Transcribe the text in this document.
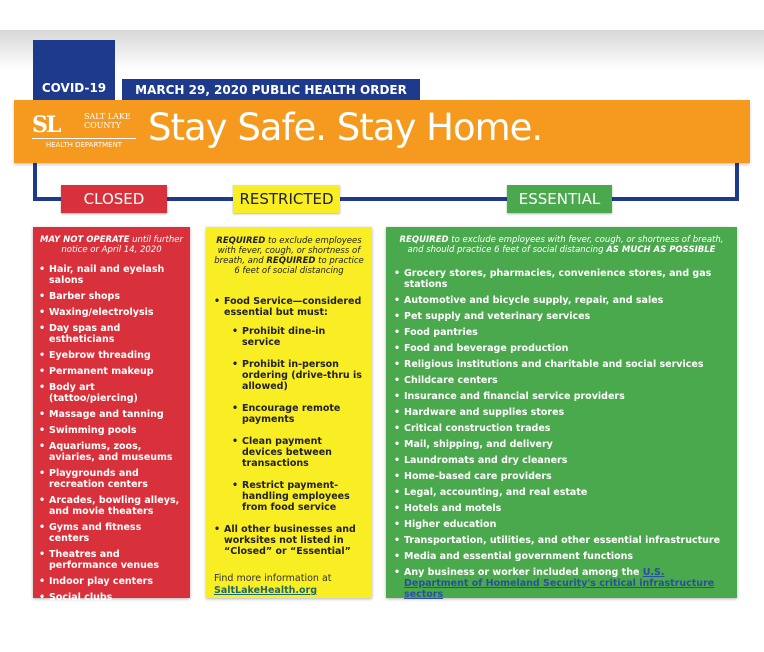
COVID-19	MARCH 29, 2020 PUBLIC HEALTH ORDER
SL	SALT LAKE COUNTY
HEALTH DEPARTMENT Stay Safe. Stay Home.
CLOSED	RESTRICTED	ESSENTIAL

MAY NOT OPERATE until further notice or April 14, 2020

• Hair, nail and eyelash salons
• Barber shops
• Waxing/electrolysis
• Day spas and estheticians
• Eyebrow threading
• Permanent makeup
• Body art (tattoo/piercing)
• Massage and tanning
• Swimming pools
• Aquariums, zoos, aviaries, and museums
• Playgrounds and recreation centers
• Arcades, bowling alleys, and movie theaters
• Gyms and fitness centers
• Theatres and performance venues
• Indoor play centers
• Social clubs

REQUIRED to exclude employees with fever, cough, or shortness of breath, and REQUIRED to practice 6 feet of social distancing

• Food Service—considered essential but must:
• Prohibit dine-in service
• Prohibit in-person ordering (drive-thru is allowed)
• Encourage remote payments
• Clean payment devices between transactions
• Restrict payment-handling employees from food service
• All other businesses and worksites not listed in “Closed” or “Essential”

Find more information at
SaltLakeHealth.org

REQUIRED to exclude employees with fever, cough, or shortness of breath, and should practice 6 feet of social distancing AS MUCH AS POSSIBLE

• Grocery stores, pharmacies, convenience stores, and gas stations
• Automotive and bicycle supply, repair, and sales
• Pet supply and veterinary services
• Food pantries
• Food and beverage production
• Religious institutions and charitable and social services
• Childcare centers
• Insurance and financial service providers
• Hardware and supplies stores
• Critical construction trades
• Mail, shipping, and delivery
• Laundromats and dry cleaners
• Home-based care providers
• Legal, accounting, and real estate
• Hotels and motels
• Higher education
• Transportation, utilities, and other essential infrastructure
• Media and essential government functions
• Any business or worker included among the U.S. Department of Homeland Security's critical infrastructure sectors
